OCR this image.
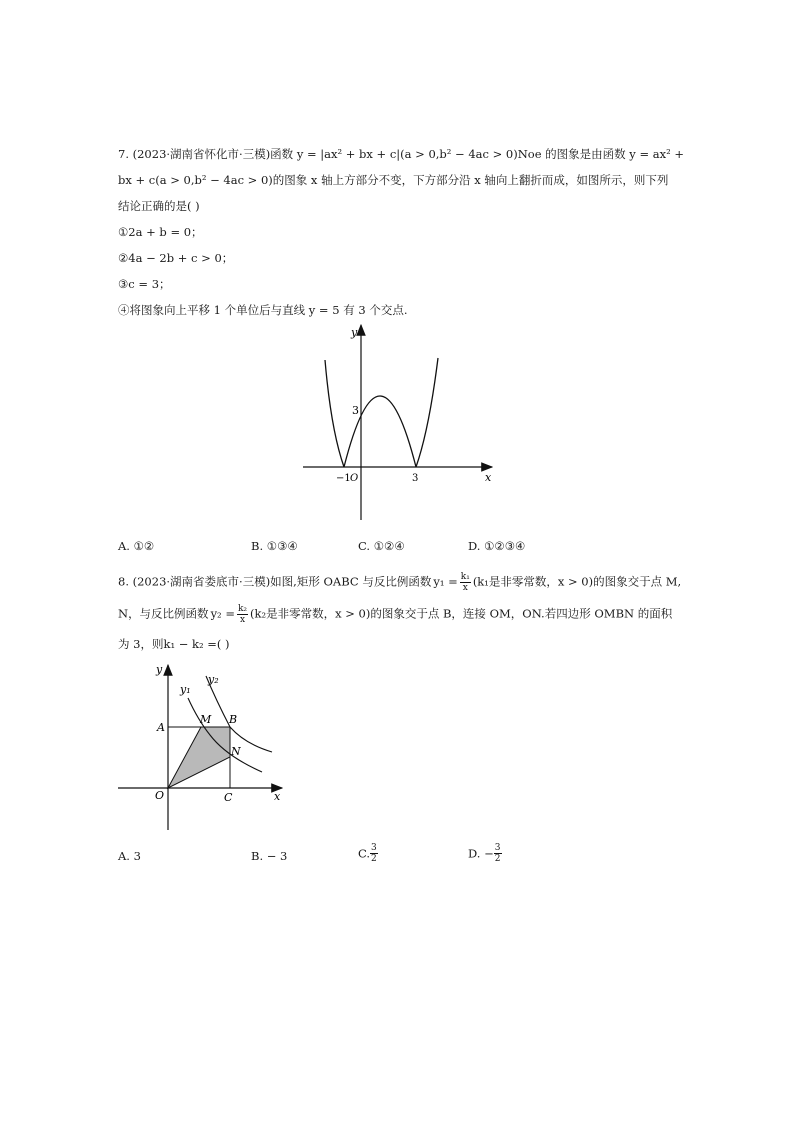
7. (2023·湖南省怀化市·三模)函数 y = |ax² + bx + c|(a > 0,b² − 4ac > 0)Noe 的图象是由函数 y = ax² +
bx + c(a > 0,b² − 4ac > 0)的图象 x 轴上方部分不变，下方部分沿 x 轴向上翻折而成，如图所示，则下列
结论正确的是( )
①2a + b = 0；
②4a − 2b + c > 0；
③c = 3；
④将图象向上平移 1 个单位后与直线 y = 5 有 3 个交点.
y
x
3
−1 O	3
A. ①②	B. ①③④	C. ①②④	D. ①②③④
8. (2023·湖南省娄底市·三模)如图,矩形 OABC 与反比例函数 $y_1 = \frac{\text{k₁}}{x} (k_1$是非零常数，x > 0)的图象交于点 M,
N，与反比例函数 $y_2 = \frac{\text{k₂}}{x} (k_2$是非零常数，x > 0)的图象交于点 B，连接 OM，ON.若四边形 OMBN 的面积
为 3，则k₁ − k₂ =( )
y
x
y₁
y₂
A
B
M
N
O	C
A. 3	B. − 3	C. $\frac{3}{2}$	D. − $\frac{3}{2}$
